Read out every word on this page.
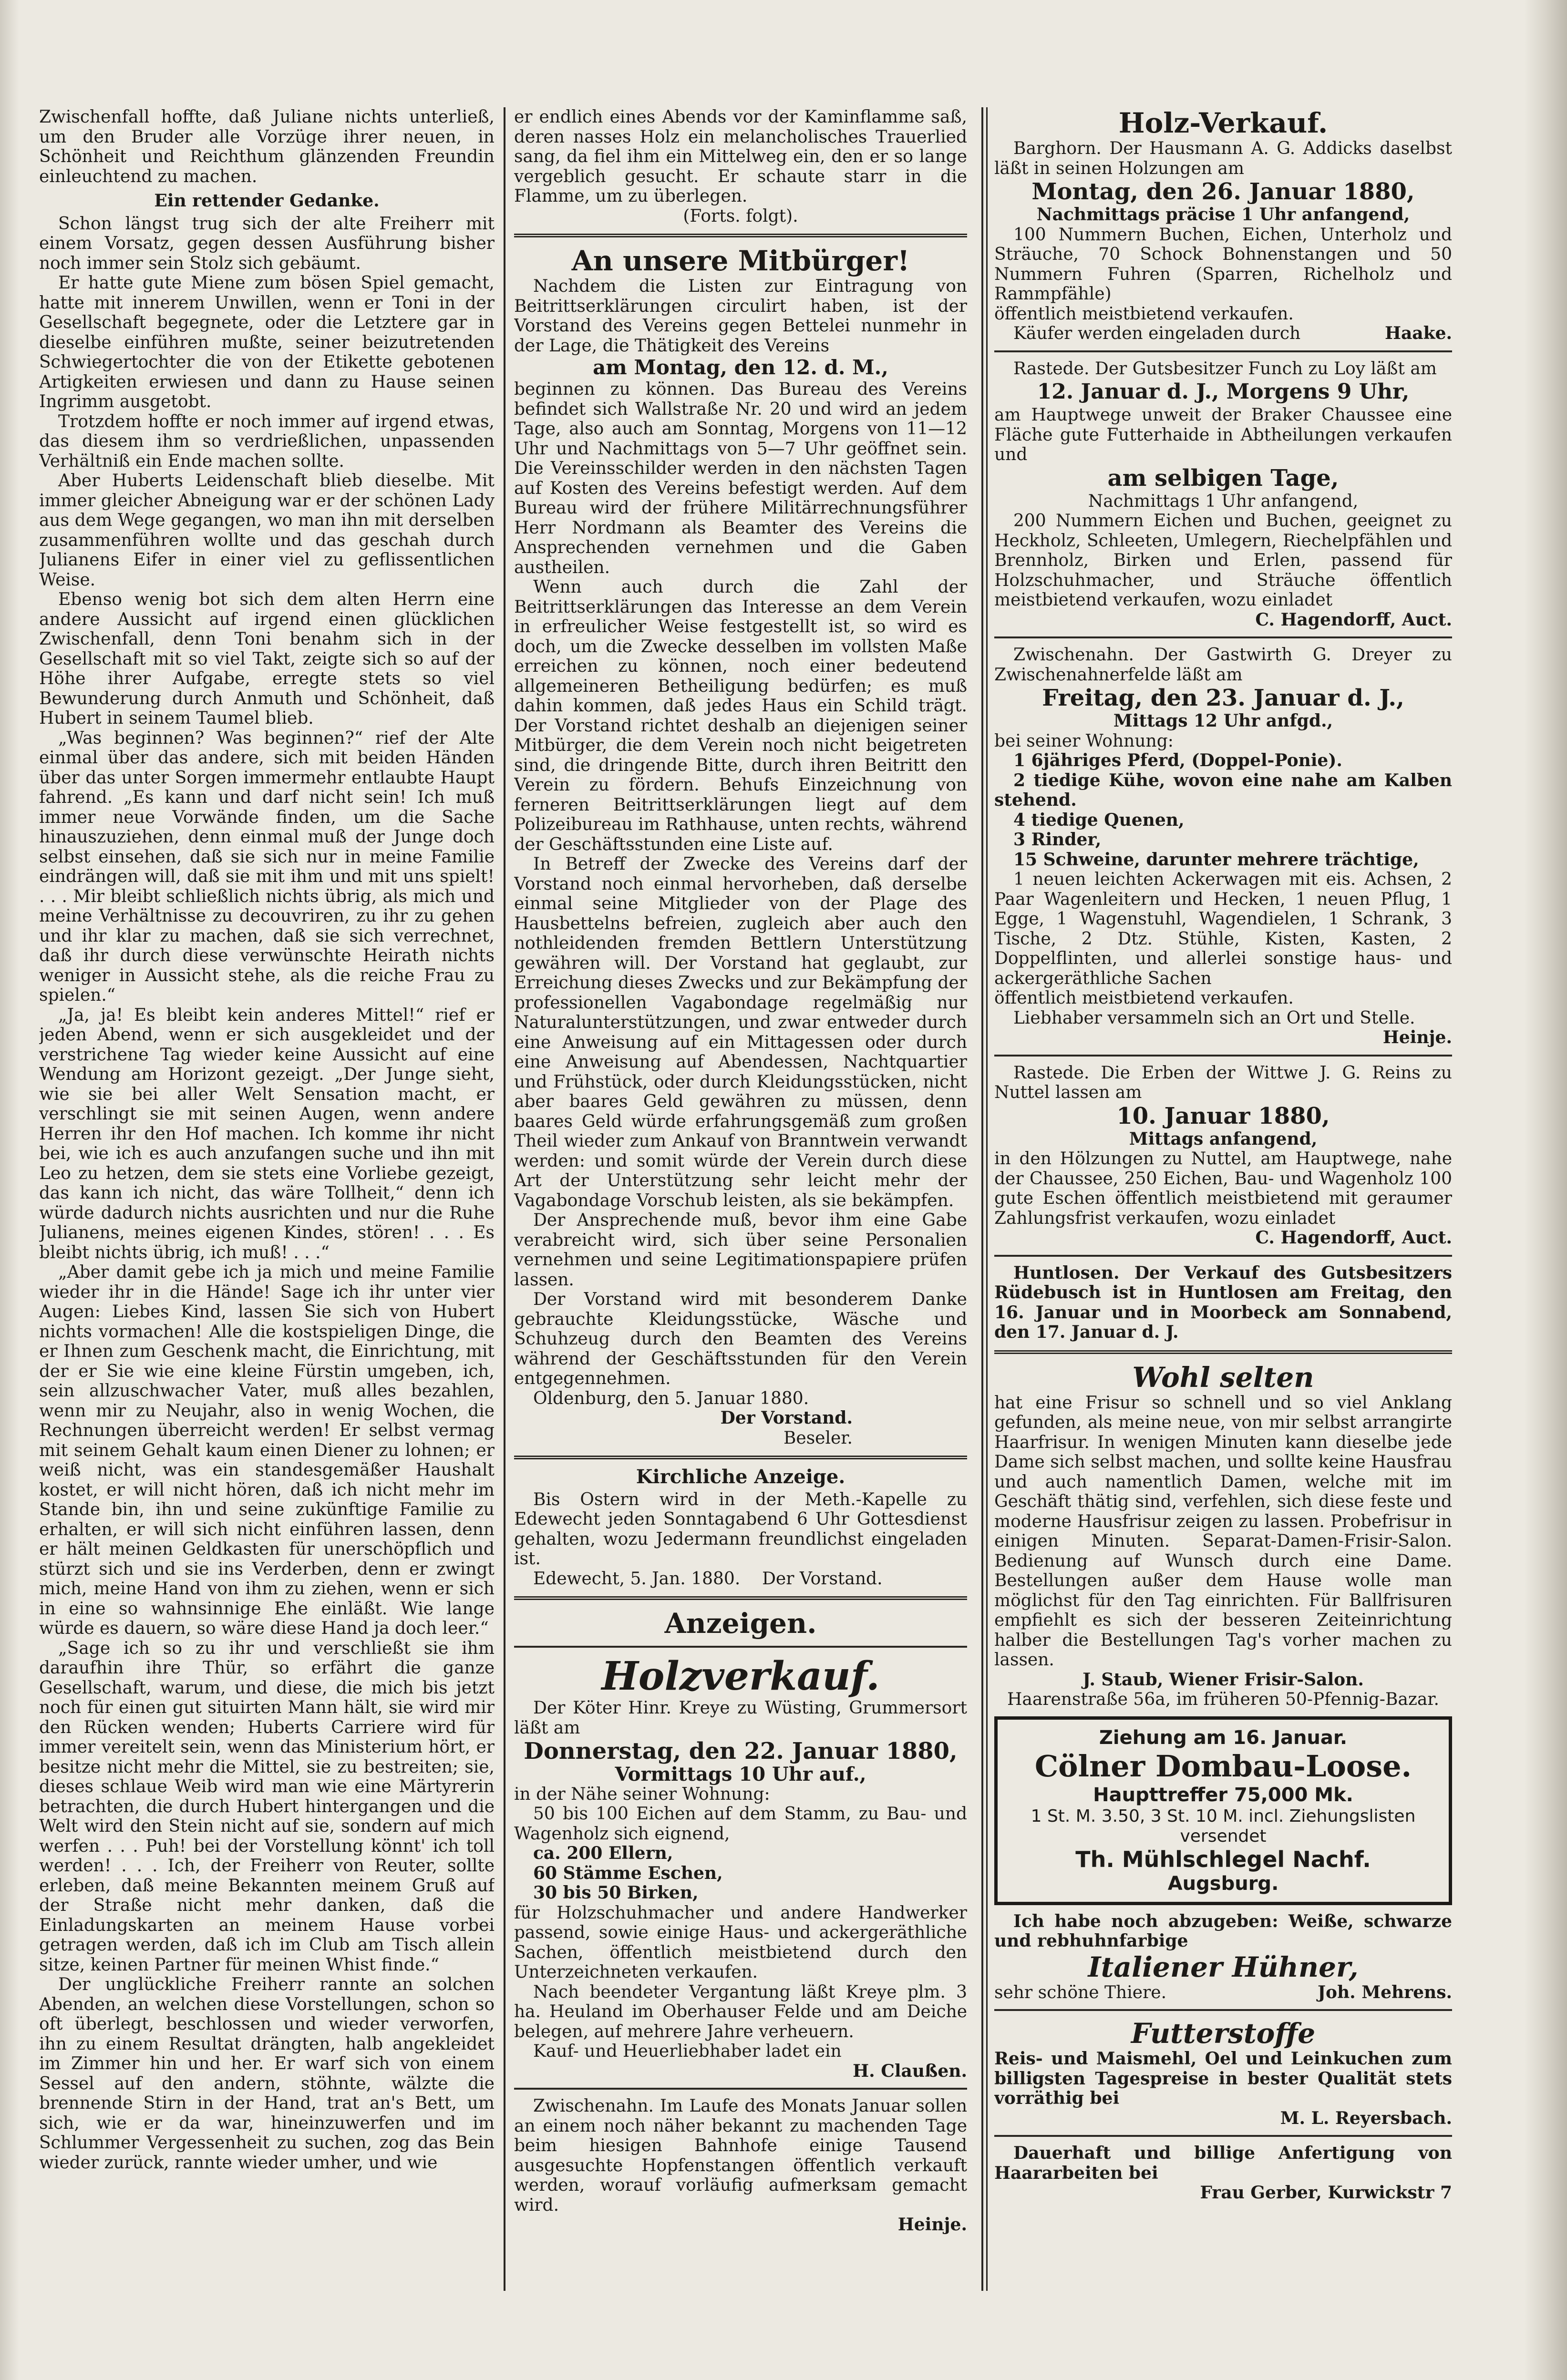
Zwischenfall hoffte, daß Juliane nichts unterließ, um den Bruder alle Vorzüge ihrer neuen, in Schönheit und Reichthum glänzenden Freundin einleuchtend zu machen.

Ein rettender Gedanke.

Schon längst trug sich der alte Freiherr mit einem Vorsatz, gegen dessen Ausführung bisher noch immer sein Stolz sich gebäumt.

Er hatte gute Miene zum bösen Spiel gemacht, hatte mit innerem Unwillen, wenn er Toni in der Gesellschaft begegnete, oder die Letztere gar in dieselbe einführen mußte, seiner beizutretenden Schwiegertochter die von der Etikette gebotenen Artigkeiten erwiesen und dann zu Hause seinen Ingrimm ausgetobt.

Trotzdem hoffte er noch immer auf irgend etwas, das diesem ihm so verdrießlichen, unpassenden Verhältniß ein Ende machen sollte.

Aber Huberts Leidenschaft blieb dieselbe. Mit immer gleicher Abneigung war er der schönen Lady aus dem Wege gegangen, wo man ihn mit derselben zusammenführen wollte und das geschah durch Julianens Eifer in einer viel zu geflissentlichen Weise.

Ebenso wenig bot sich dem alten Herrn eine andere Aussicht auf irgend einen glücklichen Zwischenfall, denn Toni benahm sich in der Gesellschaft mit so viel Takt, zeigte sich so auf der Höhe ihrer Aufgabe, erregte stets so viel Bewunderung durch Anmuth und Schönheit, daß Hubert in seinem Taumel blieb.

„Was beginnen? Was beginnen?“ rief der Alte einmal über das andere, sich mit beiden Händen über das unter Sorgen immermehr entlaubte Haupt fahrend. „Es kann und darf nicht sein! Ich muß immer neue Vorwände finden, um die Sache hinauszuziehen, denn einmal muß der Junge doch selbst einsehen, daß sie sich nur in meine Familie eindrängen will, daß sie mit ihm und mit uns spielt! . . . Mir bleibt schließlich nichts übrig, als mich und meine Verhältnisse zu decouvriren, zu ihr zu gehen und ihr klar zu machen, daß sie sich verrechnet, daß ihr durch diese verwünschte Heirath nichts weniger in Aussicht stehe, als die reiche Frau zu spielen.“

„Ja, ja! Es bleibt kein anderes Mittel!“ rief er jeden Abend, wenn er sich ausgekleidet und der verstrichene Tag wieder keine Aussicht auf eine Wendung am Horizont gezeigt. „Der Junge sieht, wie sie bei aller Welt Sensation macht, er verschlingt sie mit seinen Augen, wenn andere Herren ihr den Hof machen. Ich komme ihr nicht bei, wie ich es auch anzufangen suche und ihn mit Leo zu hetzen, dem sie stets eine Vorliebe gezeigt, das kann ich nicht, das wäre Tollheit,“ denn ich würde dadurch nichts ausrichten und nur die Ruhe Julianens, meines eigenen Kindes, stören! . . . Es bleibt nichts übrig, ich muß! . . .“

„Aber damit gebe ich ja mich und meine Familie wieder ihr in die Hände! Sage ich ihr unter vier Augen: Liebes Kind, lassen Sie sich von Hubert nichts vormachen! Alle die kostspieligen Dinge, die er Ihnen zum Geschenk macht, die Einrichtung, mit der er Sie wie eine kleine Fürstin umgeben, ich, sein allzuschwacher Vater, muß alles bezahlen, wenn mir zu Neujahr, also in wenig Wochen, die Rechnungen überreicht werden! Er selbst vermag mit seinem Gehalt kaum einen Diener zu lohnen; er weiß nicht, was ein standesgemäßer Haushalt kostet, er will nicht hören, daß ich nicht mehr im Stande bin, ihn und seine zukünftige Familie zu erhalten, er will sich nicht einführen lassen, denn er hält meinen Geldkasten für unerschöpflich und stürzt sich und sie ins Verderben, denn er zwingt mich, meine Hand von ihm zu ziehen, wenn er sich in eine so wahnsinnige Ehe einläßt. Wie lange würde es dauern, so wäre diese Hand ja doch leer.“

„Sage ich so zu ihr und verschließt sie ihm daraufhin ihre Thür, so erfährt die ganze Gesellschaft, warum, und diese, die mich bis jetzt noch für einen gut situirten Mann hält, sie wird mir den Rücken wenden; Huberts Carriere wird für immer vereitelt sein, wenn das Ministerium hört, er besitze nicht mehr die Mittel, sie zu bestreiten; sie, dieses schlaue Weib wird man wie eine Märtyrerin betrachten, die durch Hubert hintergangen und die Welt wird den Stein nicht auf sie, sondern auf mich werfen . . . Puh! bei der Vorstellung könnt' ich toll werden! . . . Ich, der Freiherr von Reuter, sollte erleben, daß meine Bekannten meinem Gruß auf der Straße nicht mehr danken, daß die Einladungskarten an meinem Hause vorbei getragen werden, daß ich im Club am Tisch allein sitze, keinen Partner für meinen Whist finde.“

Der unglückliche Freiherr rannte an solchen Abenden, an welchen diese Vorstellungen, schon so oft überlegt, beschlossen und wieder verworfen, ihn zu einem Resultat drängten, halb angekleidet im Zimmer hin und her. Er warf sich von einem Sessel auf den andern, stöhnte, wälzte die brennende Stirn in der Hand, trat an's Bett, um sich, wie er da war, hineinzuwerfen und im Schlummer Vergessenheit zu suchen, zog das Bein wieder zurück, rannte wieder umher, und wie

er endlich eines Abends vor der Kaminflamme saß, deren nasses Holz ein melancholisches Trauerlied sang, da fiel ihm ein Mittelweg ein, den er so lange vergeblich gesucht. Er schaute starr in die Flamme, um zu überlegen.

(Forts. folgt).

An unsere Mitbürger!

Nachdem die Listen zur Eintragung von Beitrittserklärungen circulirt haben, ist der Vorstand des Vereins gegen Bettelei nunmehr in der Lage, die Thätigkeit des Vereins

am Montag, den 12. d. M.,

beginnen zu können. Das Bureau des Vereins befindet sich Wallstraße Nr. 20 und wird an jedem Tage, also auch am Sonntag, Morgens von 11—12 Uhr und Nachmittags von 5—7 Uhr geöffnet sein. Die Vereinsschilder werden in den nächsten Tagen auf Kosten des Vereins befestigt werden. Auf dem Bureau wird der frühere Militärrechnungsführer Herr Nordmann als Beamter des Vereins die Ansprechenden vernehmen und die Gaben austheilen.

Wenn auch durch die Zahl der Beitrittserklärungen das Interesse an dem Verein in erfreulicher Weise festgestellt ist, so wird es doch, um die Zwecke desselben im vollsten Maße erreichen zu können, noch einer bedeutend allgemeineren Betheiligung bedürfen; es muß dahin kommen, daß jedes Haus ein Schild trägt. Der Vorstand richtet deshalb an diejenigen seiner Mitbürger, die dem Verein noch nicht beigetreten sind, die dringende Bitte, durch ihren Beitritt den Verein zu fördern. Behufs Einzeichnung von ferneren Beitrittserklärungen liegt auf dem Polizeibureau im Rathhause, unten rechts, während der Geschäftsstunden eine Liste auf.

In Betreff der Zwecke des Vereins darf der Vorstand noch einmal hervorheben, daß derselbe einmal seine Mitglieder von der Plage des Hausbettelns befreien, zugleich aber auch den nothleidenden fremden Bettlern Unterstützung gewähren will. Der Vorstand hat geglaubt, zur Erreichung dieses Zwecks und zur Bekämpfung der professionellen Vagabondage regelmäßig nur Naturalunterstützungen, und zwar entweder durch eine Anweisung auf ein Mittagessen oder durch eine Anweisung auf Abendessen, Nachtquartier und Frühstück, oder durch Kleidungsstücken, nicht aber baares Geld gewähren zu müssen, denn baares Geld würde erfahrungsgemäß zum großen Theil wieder zum Ankauf von Branntwein verwandt werden: und somit würde der Verein durch diese Art der Unterstützung sehr leicht mehr der Vagabondage Vorschub leisten, als sie bekämpfen.

Der Ansprechende muß, bevor ihm eine Gabe verabreicht wird, sich über seine Personalien vernehmen und seine Legitimationspapiere prüfen lassen.

Der Vorstand wird mit besonderem Danke gebrauchte Kleidungsstücke, Wäsche und Schuhzeug durch den Beamten des Vereins während der Geschäftsstunden für den Verein entgegennehmen.

Oldenburg, den 5. Januar 1880.

Der Vorstand.

Beseler.

Kirchliche Anzeige.

Bis Ostern wird in der Meth.-Kapelle zu Edewecht jeden Sonntagabend 6 Uhr Gottesdienst gehalten, wozu Jedermann freundlichst eingeladen ist.

Edewecht, 5. Jan. 1880. Der Vorstand.

Anzeigen.

Holzverkauf.

Der Köter Hinr. Kreye zu Wüsting, Grummersort läßt am

Donnerstag, den 22. Januar 1880,

Vormittags 10 Uhr auf.,

in der Nähe seiner Wohnung:

50 bis 100 Eichen auf dem Stamm, zu Bau- und Wagenholz sich eignend,

ca. 200 Ellern,

60 Stämme Eschen,

30 bis 50 Birken,

für Holzschuhmacher und andere Handwerker passend, sowie einige Haus- und ackergeräthliche Sachen, öffentlich meistbietend durch den Unterzeichneten verkaufen.

Nach beendeter Vergantung läßt Kreye plm. 3 ha. Heuland im Oberhauser Felde und am Deiche belegen, auf mehrere Jahre verheuern.

Kauf- und Heuerliebhaber ladet ein

H. Claußen.

Zwischenahn. Im Laufe des Monats Januar sollen an einem noch näher bekannt zu machenden Tage beim hiesigen Bahnhofe einige Tausend ausgesuchte Hopfenstangen öffentlich verkauft werden, worauf vorläufig aufmerksam gemacht wird.

Heinje.

Holz-Verkauf.

Barghorn. Der Hausmann A. G. Addicks daselbst läßt in seinen Holzungen am

Montag, den 26. Januar 1880,

Nachmittags präcise 1 Uhr anfangend,

100 Nummern Buchen, Eichen, Unterholz und Sträuche, 70 Schock Bohnenstangen und 50 Nummern Fuhren (Sparren, Richelholz und Rammpfähle)

öffentlich meistbietend verkaufen.

Käufer werden eingeladen durch	Haake.

Rastede. Der Gutsbesitzer Funch zu Loy läßt am

12. Januar d. J., Morgens 9 Uhr,

am Hauptwege unweit der Braker Chaussee eine Fläche gute Futterhaide in Abtheilungen verkaufen und

am selbigen Tage,

Nachmittags 1 Uhr anfangend,

200 Nummern Eichen und Buchen, geeignet zu Heckholz, Schleeten, Umlegern, Riechelpfählen und Brennholz, Birken und Erlen, passend für Holzschuhmacher, und Sträuche öffentlich meistbietend verkaufen, wozu einladet

C. Hagendorff, Auct.

Zwischenahn. Der Gastwirth G. Dreyer zu Zwischenahnerfelde läßt am

Freitag, den 23. Januar d. J.,

Mittags 12 Uhr anfgd.,

bei seiner Wohnung:

1 6jähriges Pferd, (Doppel-Ponie).

2 tiedige Kühe, wovon eine nahe am Kalben stehend.

4 tiedige Quenen,

3 Rinder,

15 Schweine, darunter mehrere trächtige,

1 neuen leichten Ackerwagen mit eis. Achsen, 2 Paar Wagenleitern und Hecken, 1 neuen Pflug, 1 Egge, 1 Wagenstuhl, Wagendielen, 1 Schrank, 3 Tische, 2 Dtz. Stühle, Kisten, Kasten, 2 Doppelflinten, und allerlei sonstige haus- und ackergeräthliche Sachen

öffentlich meistbietend verkaufen.

Liebhaber versammeln sich an Ort und Stelle.

Heinje.

Rastede. Die Erben der Wittwe J. G. Reins zu Nuttel lassen am

10. Januar 1880,

Mittags anfangend,

in den Hölzungen zu Nuttel, am Hauptwege, nahe der Chaussee, 250 Eichen, Bau- und Wagenholz 100 gute Eschen öffentlich meistbietend mit geraumer Zahlungsfrist verkaufen, wozu einladet

C. Hagendorff, Auct.

Huntlosen. Der Verkauf des Gutsbesitzers Rüdebusch ist in Huntlosen am Freitag, den 16. Januar und in Moorbeck am Sonnabend, den 17. Januar d. J.

Wohl selten

hat eine Frisur so schnell und so viel Anklang gefunden, als meine neue, von mir selbst arrangirte Haarfrisur. In wenigen Minuten kann dieselbe jede Dame sich selbst machen, und sollte keine Hausfrau und auch namentlich Damen, welche mit im Geschäft thätig sind, verfehlen, sich diese feste und moderne Hausfrisur zeigen zu lassen. Probefrisur in einigen Minuten. Separat-Damen-Frisir-Salon. Bedienung auf Wunsch durch eine Dame. Bestellungen außer dem Hause wolle man möglichst für den Tag einrichten. Für Ballfrisuren empfiehlt es sich der besseren Zeiteinrichtung halber die Bestellungen Tag's vorher machen zu lassen.

J. Staub, Wiener Frisir-Salon.

Haarenstraße 56a, im früheren 50-Pfennig-Bazar.

Ziehung am 16. Januar.
Cölner Dombau-Loose.
Haupttreffer 75,000 Mk.
1 St. M. 3.50, 3 St. 10 M. incl. Ziehungslisten versendet
Th. Mühlschlegel Nachf.
Augsburg.

Ich habe noch abzugeben: Weiße, schwarze und rebhuhnfarbige

Italiener Hühner,

sehr schöne Thiere.	Joh. Mehrens.

Futterstoffe

Reis- und Maismehl, Oel und Leinkuchen zum billigsten Tagespreise in bester Qualität stets vorräthig bei

M. L. Reyersbach.

Dauerhaft und billige Anfertigung von Haararbeiten bei

Frau Gerber, Kurwickstr 7
